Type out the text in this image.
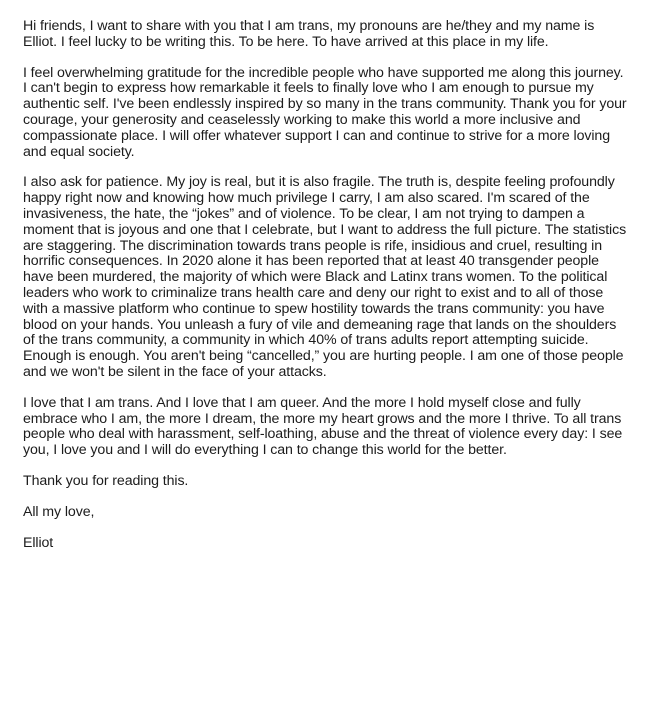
Hi friends, I want to share with you that I am trans, my pronouns are he/they and my name is Elliot. I feel lucky to be writing this. To be here. To have arrived at this place in my life.

I feel overwhelming gratitude for the incredible people who have supported me along this journey. I can't begin to express how remarkable it feels to finally love who I am enough to pursue my authentic self. I've been endlessly inspired by so many in the trans community. Thank you for your courage, your generosity and ceaselessly working to make this world a more inclusive and compassionate place. I will offer whatever support I can and continue to strive for a more loving and equal society.

I also ask for patience. My joy is real, but it is also fragile. The truth is, despite feeling profoundly happy right now and knowing how much privilege I carry, I am also scared. I'm scared of the invasiveness, the hate, the “jokes” and of violence. To be clear, I am not trying to dampen a moment that is joyous and one that I celebrate, but I want to address the full picture. The statistics are staggering. The discrimination towards trans people is rife, insidious and cruel, resulting in horrific consequences. In 2020 alone it has been reported that at least 40 transgender people have been murdered, the majority of which were Black and Latinx trans women. To the political leaders who work to criminalize trans health care and deny our right to exist and to all of those with a massive platform who continue to spew hostility towards the trans community: you have blood on your hands. You unleash a fury of vile and demeaning rage that lands on the shoulders of the trans community, a community in which 40% of trans adults report attempting suicide. Enough is enough. You aren't being “cancelled,” you are hurting people. I am one of those people and we won't be silent in the face of your attacks.

I love that I am trans. And I love that I am queer. And the more I hold myself close and fully embrace who I am, the more I dream, the more my heart grows and the more I thrive. To all trans people who deal with harassment, self-loathing, abuse and the threat of violence every day: I see you, I love you and I will do everything I can to change this world for the better.

Thank you for reading this.

All my love,

Elliot
